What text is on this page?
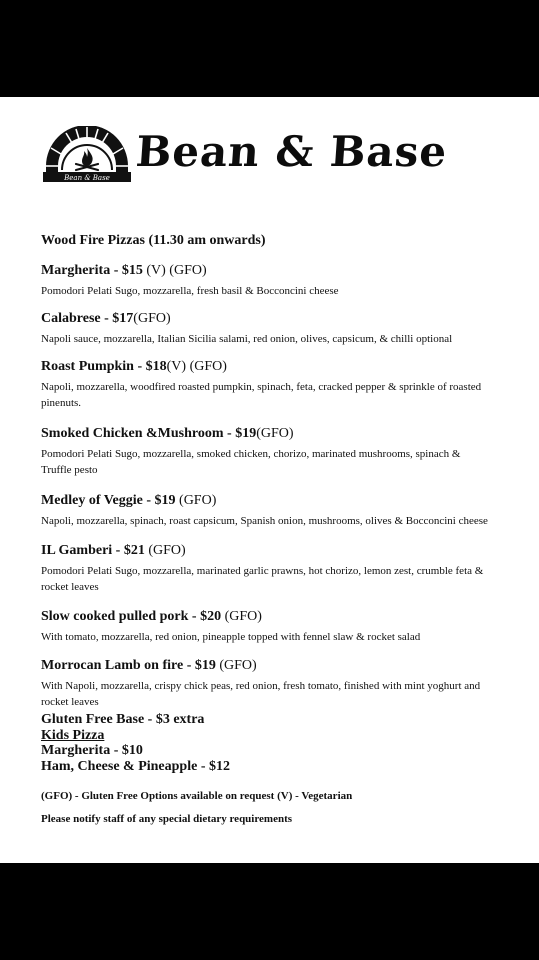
Bean & Base
Bean & Base
Wood Fire Pizzas (11.30 am onwards)
Margherita - $15 (V) (GFO)
Pomodori Pelati Sugo, mozzarella, fresh basil & Bocconcini cheese
Calabrese - $17(GFO)
Napoli sauce, mozzarella, Italian Sicilia salami, red onion, olives, capsicum, & chilli optional
Roast Pumpkin - $18(V) (GFO)
Napoli, mozzarella, woodfired roasted pumpkin, spinach, feta, cracked pepper & sprinkle of roasted pinenuts.
Smoked Chicken &Mushroom - $19(GFO)
Pomodori Pelati Sugo, mozzarella, smoked chicken, chorizo, marinated mushrooms, spinach & Truffle pesto
Medley of Veggie - $19 (GFO)
Napoli, mozzarella, spinach, roast capsicum, Spanish onion, mushrooms, olives & Bocconcini cheese
IL Gamberi - $21 (GFO)
Pomodori Pelati Sugo, mozzarella, marinated garlic prawns, hot chorizo, lemon zest, crumble feta & rocket leaves
Slow cooked pulled pork - $20 (GFO)
With tomato, mozzarella, red onion, pineapple topped with fennel slaw & rocket salad
Morrocan Lamb on fire - $19 (GFO)
With Napoli, mozzarella, crispy chick peas, red onion, fresh tomato, finished with mint yoghurt and rocket leaves
Gluten Free Base - $3 extra
Kids Pizza
Margherita - $10
Ham, Cheese & Pineapple - $12
(GFO) - Gluten Free Options available on request (V) - Vegetarian
Please notify staff of any special dietary requirements
